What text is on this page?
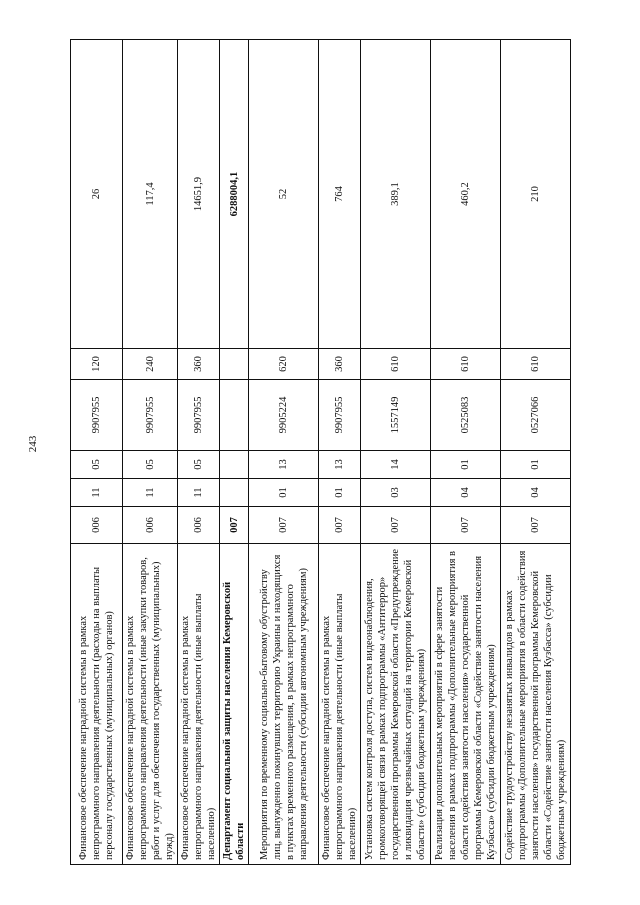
243
Финансовое обеспечение наградной системы в рамках непрограммного направления деятельности (расходы на выплаты персоналу государственных (муниципальных) органов)	006	11	05	9907955	120	26
Финансовое обеспечение наградной системы в рамках непрограммного направления деятельности (иные закупки товаров, работ и услуг для обеспечения государственных (муниципальных) нужд)	006	11	05	9907955	240	117,4
Финансовое обеспечение наградной системы в рамках непрограммного направления деятельности (иные выплаты населению)	006	11	05	9907955	360	14651,9
Департамент социальной защиты населения Кемеровской области	007					6288004,1
Мероприятия по временному социально-бытовому обустройству лиц, вынужденно покинувших территорию Украины и находящихся в пунктах временного размещения, в рамках непрограммного направления деятельности (субсидии автономным учреждениям)	007	01	13	9905224	620	52
Финансовое обеспечение наградной системы в рамках непрограммного направления деятельности (иные выплаты населению)	007	01	13	9907955	360	764
Установка систем контроля доступа, систем видеонаблюдения, громкоговорящей связи в рамках подпрограммы «Антитеррор» государственной программы Кемеровской области «Предупреждение и ликвидация чрезвычайных ситуаций на территории Кемеровской области» (субсидии бюджетным учреждениям)	007	03	14	1557149	610	389,1
Реализация дополнительных мероприятий в сфере занятости населения в рамках подпрограммы «Дополнительные мероприятия в области содействия занятости населения» государственной программы Кемеровской области «Содействие занятости населения Кузбасса» (субсидии бюджетным учреждениям)	007	04	01	0525083	610	460,2
Содействие трудоустройству незанятых инвалидов в рамках подпрограммы «Дополнительные мероприятия в области содействия занятости населения» государственной программы Кемеровской области «Содействие занятости населения Кузбасса» (субсидии бюджетным учреждениям)	007	04	01	0527066	610	210
